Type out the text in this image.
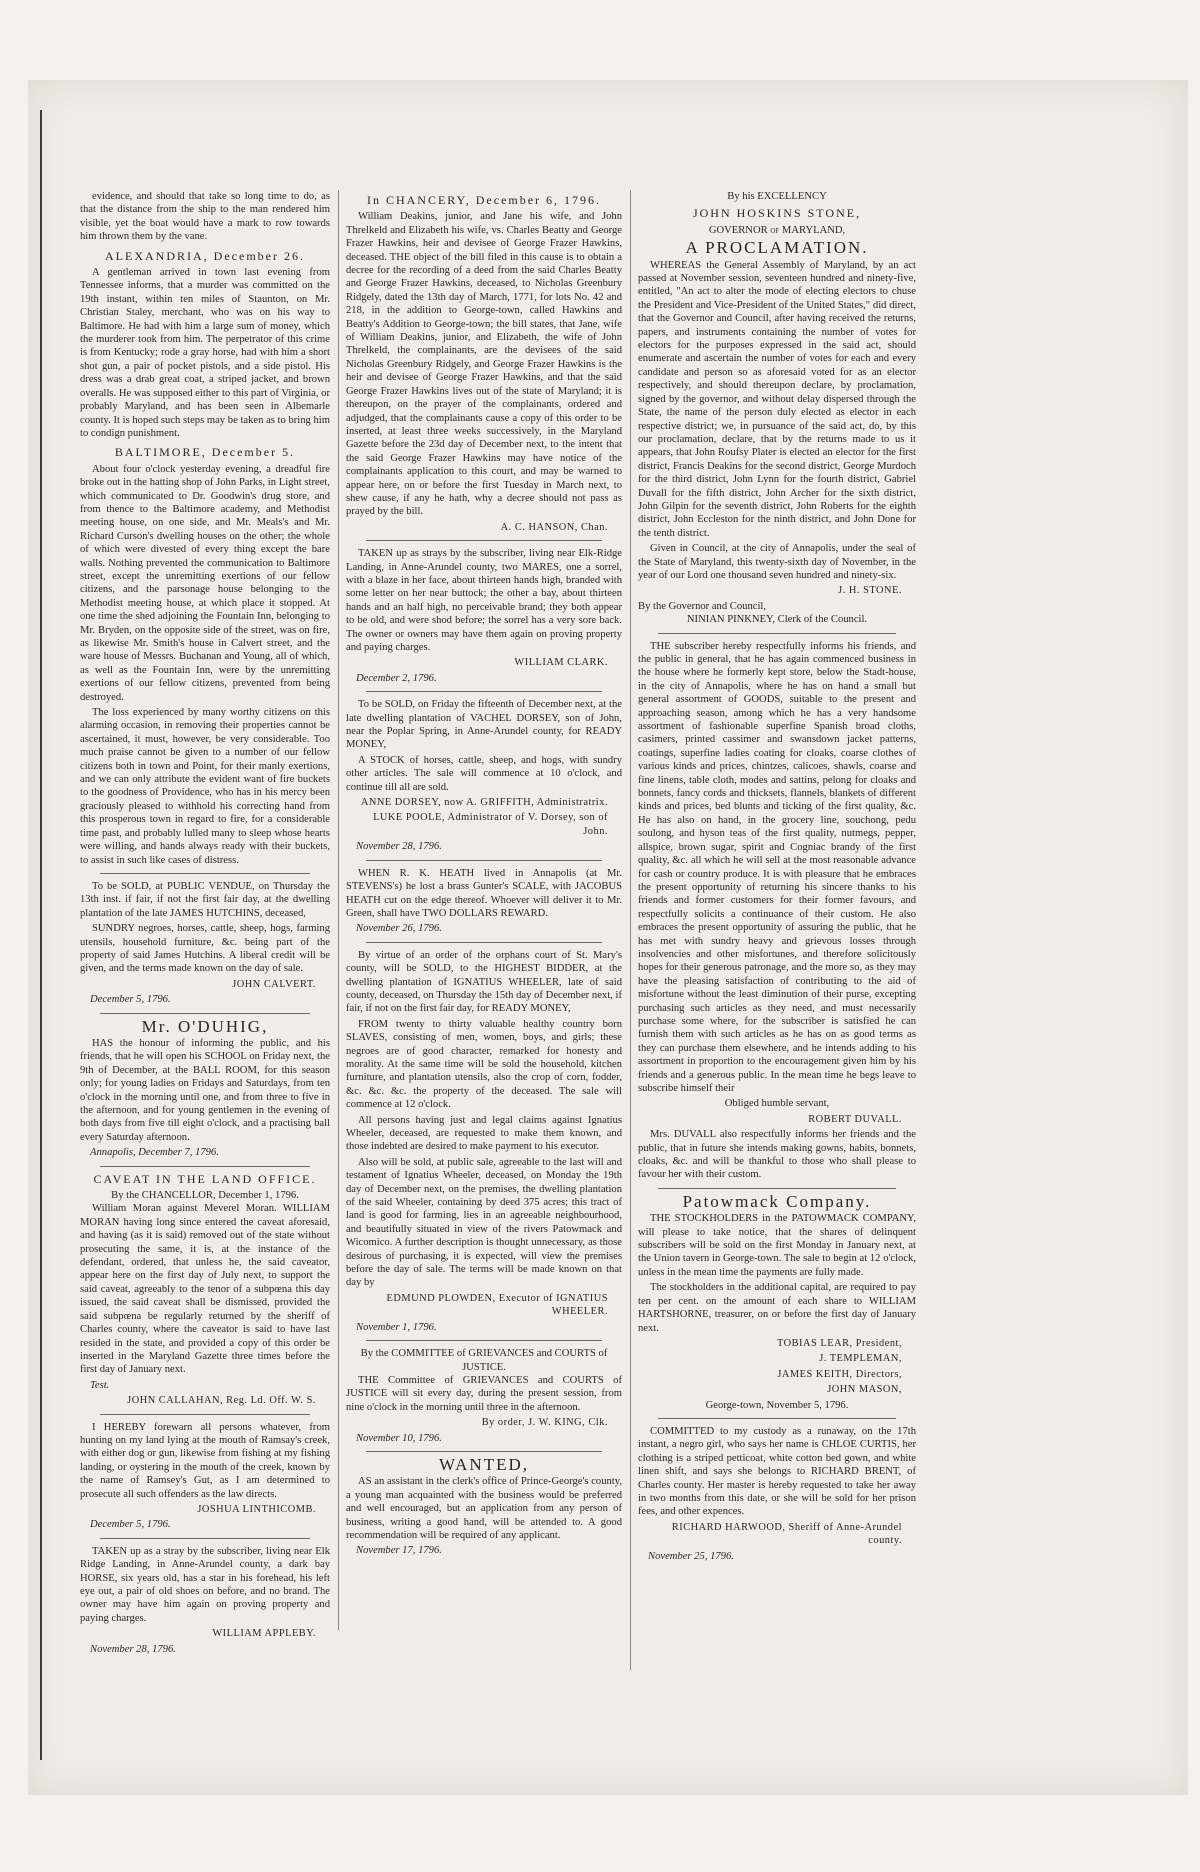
evidence, and should that take so long time to do, as that the distance from the ship to the man rendered him visible, yet the boat would have a mark to row towards him thrown them by the vane.

ALEXANDRIA, December 26.

A gentleman arrived in town last evening from Tennessee informs, that a murder was committed on the 19th instant, within ten miles of Staunton, on Mr. Christian Staley, merchant, who was on his way to Baltimore. He had with him a large sum of money, which the murderer took from him. The perpetrator of this crime is from Kentucky; rode a gray horse, had with him a short shot gun, a pair of pocket pistols, and a side pistol. His dress was a drab great coat, a striped jacket, and brown overalls. He was supposed either to this part of Virginia, or probably Maryland, and has been seen in Albemarle county. It is hoped such steps may be taken as to bring him to condign punishment.

BALTIMORE, December 5.

About four o'clock yesterday evening, a dreadful fire broke out in the hatting shop of John Parks, in Light street, which communicated to Dr. Goodwin's drug store, and from thence to the Baltimore academy, and Methodist meeting house, on one side, and Mr. Meals's and Mr. Richard Curson's dwelling houses on the other; the whole of which were divested of every thing except the bare walls. Nothing prevented the communication to Baltimore street, except the unremitting exertions of our fellow citizens, and the parsonage house belonging to the Methodist meeting house, at which place it stopped. At one time the shed adjoining the Fountain Inn, belonging to Mr. Bryden, on the opposite side of the street, was on fire, as likewise Mr. Smith's house in Calvert street, and the ware house of Messrs. Buchanan and Young, all of which, as well as the Fountain Inn, were by the unremitting exertions of our fellow citizens, prevented from being destroyed.

The loss experienced by many worthy citizens on this alarming occasion, in removing their properties cannot be ascertained, it must, however, be very considerable. Too much praise cannot be given to a number of our fellow citizens both in town and Point, for their manly exertions, and we can only attribute the evident want of fire buckets to the goodness of Providence, who has in his mercy been graciously pleased to withhold his correcting hand from this prosperous town in regard to fire, for a considerable time past, and probably lulled many to sleep whose hearts were willing, and hands always ready with their buckets, to assist in such like cases of distress.

To be SOLD, at PUBLIC VENDUE, on Thursday the 13th inst. if fair, if not the first fair day, at the dwelling plantation of the late JAMES HUTCHINS, deceased,

SUNDRY negroes, horses, cattle, sheep, hogs, farming utensils, household furniture, &c. being part of the property of said James Hutchins. A liberal credit will be given, and the terms made known on the day of sale.

JOHN CALVERT.
December 5, 1796.
Mr. O'DUHIG,

HAS the honour of informing the public, and his friends, that he will open his SCHOOL on Friday next, the 9th of December, at the BALL ROOM, for this season only; for young ladies on Fridays and Saturdays, from ten o'clock in the morning until one, and from three to five in the afternoon, and for young gentlemen in the evening of both days from five till eight o'clock, and a practising ball every Saturday afternoon.

Annapolis, December 7, 1796.
CAVEAT IN THE LAND OFFICE.
By the CHANCELLOR, December 1, 1796.

William Moran against Meverel Moran. WILLIAM MORAN having long since entered the caveat aforesaid, and having (as it is said) removed out of the state without prosecuting the same, it is, at the instance of the defendant, ordered, that unless he, the said caveator, appear here on the first day of July next, to support the said caveat, agreeably to the tenor of a subpœna this day issued, the said caveat shall be dismissed, provided the said subpœna be regularly returned by the sheriff of Charles county, where the caveator is said to have last resided in the state, and provided a copy of this order be inserted in the Maryland Gazette three times before the first day of January next.

Test.
JOHN CALLAHAN, Reg. Ld. Off. W. S.

I HEREBY forewarn all persons whatever, from hunting on my land lying at the mouth of Ramsay's creek, with either dog or gun, likewise from fishing at my fishing landing, or oystering in the mouth of the creek, known by the name of Ramsey's Gut, as I am determined to prosecute all such offenders as the law directs.

JOSHUA LINTHICOMB.
December 5, 1796.

TAKEN up as a stray by the subscriber, living near Elk Ridge Landing, in Anne-Arundel county, a dark bay HORSE, six years old, has a star in his forehead, his left eye out, a pair of old shoes on before, and no brand. The owner may have him again on proving property and paying charges.

WILLIAM APPLEBY.
November 28, 1796.
In CHANCERY, December 6, 1796.

William Deakins, junior, and Jane his wife, and John Threlkeld and Elizabeth his wife, vs. Charles Beatty and George Frazer Hawkins, heir and devisee of George Frazer Hawkins, deceased. THE object of the bill filed in this cause is to obtain a decree for the recording of a deed from the said Charles Beatty and George Frazer Hawkins, deceased, to Nicholas Greenbury Ridgely, dated the 13th day of March, 1771, for lots No. 42 and 218, in the addition to George-town, called Hawkins and Beatty's Addition to George-town; the bill states, that Jane, wife of William Deakins, junior, and Elizabeth, the wife of John Threlkeld, the complainants, are the devisees of the said Nicholas Greenbury Ridgely, and George Frazer Hawkins is the heir and devisee of George Frazer Hawkins, and that the said George Frazer Hawkins lives out of the state of Maryland; it is thereupon, on the prayer of the complainants, ordered and adjudged, that the complainants cause a copy of this order to be inserted, at least three weeks successively, in the Maryland Gazette before the 23d day of December next, to the intent that the said George Frazer Hawkins may have notice of the complainants application to this court, and may be warned to appear here, on or before the first Tuesday in March next, to shew cause, if any he hath, why a decree should not pass as prayed by the bill.

A. C. HANSON, Chan.

TAKEN up as strays by the subscriber, living near Elk-Ridge Landing, in Anne-Arundel county, two MARES, one a sorrel, with a blaze in her face, about thirteen hands high, branded with some letter on her near buttock; the other a bay, about thirteen hands and an half high, no perceivable brand; they both appear to be old, and were shod before; the sorrel has a very sore back. The owner or owners may have them again on proving property and paying charges.

WILLIAM CLARK.
December 2, 1796.

To be SOLD, on Friday the fifteenth of December next, at the late dwelling plantation of VACHEL DORSEY, son of John, near the Poplar Spring, in Anne-Arundel county, for READY MONEY,

A STOCK of horses, cattle, sheep, and hogs, with sundry other articles. The sale will commence at 10 o'clock, and continue till all are sold.

ANNE DORSEY, now A. GRIFFITH, Administratrix.
LUKE POOLE, Administrator of V. Dorsey, son of John.
November 28, 1796.

WHEN R. K. HEATH lived in Annapolis (at Mr. STEVENS's) he lost a brass Gunter's SCALE, with JACOBUS HEATH cut on the edge thereof. Whoever will deliver it to Mr. Green, shall have TWO DOLLARS REWARD.

November 26, 1796.

By virtue of an order of the orphans court of St. Mary's county, will be SOLD, to the HIGHEST BIDDER, at the dwelling plantation of IGNATIUS WHEELER, late of said county, deceased, on Thursday the 15th day of December next, if fair, if not on the first fair day, for READY MONEY,

FROM twenty to thirty valuable healthy country born SLAVES, consisting of men, women, boys, and girls; these negroes are of good character, remarked for honesty and morality. At the same time will be sold the household, kitchen furniture, and plantation utensils, also the crop of corn, fodder, &c. &c. &c. the property of the deceased. The sale will commence at 12 o'clock.

All persons having just and legal claims against Ignatius Wheeler, deceased, are requested to make them known, and those indebted are desired to make payment to his executor.

Also will be sold, at public sale, agreeable to the last will and testament of Ignatius Wheeler, deceased, on Monday the 19th day of December next, on the premises, the dwelling plantation of the said Wheeler, containing by deed 375 acres; this tract of land is good for farming, lies in an agreeable neighbourhood, and beautifully situated in view of the rivers Patowmack and Wicomico. A further description is thought unnecessary, as those desirous of purchasing, it is expected, will view the premises before the day of sale. The terms will be made known on that day by

EDMUND PLOWDEN, Executor of IGNATIUS WHEELER.
November 1, 1796.
By the COMMITTEE of GRIEVANCES and COURTS of JUSTICE.

THE Committee of GRIEVANCES and COURTS of JUSTICE will sit every day, during the present session, from nine o'clock in the morning until three in the afternoon.

By order, J. W. KING, Clk.
November 10, 1796.
WANTED,

AS an assistant in the clerk's office of Prince-George's county, a young man acquainted with the business would be preferred and well encouraged, but an application from any person of business, writing a good hand, will be attended to. A good recommendation will be required of any applicant.

November 17, 1796.
By his EXCELLENCY
JOHN HOSKINS STONE,
GOVERNOR of MARYLAND,
A PROCLAMATION.

WHEREAS the General Assembly of Maryland, by an act passed at November session, seventeen hundred and ninety-five, entitled, "An act to alter the mode of electing electors to chuse the President and Vice-President of the United States," did direct, that the Governor and Council, after having received the returns, papers, and instruments containing the number of votes for electors for the purposes expressed in the said act, should enumerate and ascertain the number of votes for each and every candidate and person so as aforesaid voted for as an elector respectively, and should thereupon declare, by proclamation, signed by the governor, and without delay dispersed through the State, the name of the person duly elected as elector in each respective district; we, in pursuance of the said act, do, by this our proclamation, declare, that by the returns made to us it appears, that John Roufsy Plater is elected an elector for the first district, Francis Deakins for the second district, George Murdoch for the third district, John Lynn for the fourth district, Gabriel Duvall for the fifth district, John Archer for the sixth district, John Gilpin for the seventh district, John Roberts for the eighth district, John Eccleston for the ninth district, and John Done for the tenth district.

Given in Council, at the city of Annapolis, under the seal of the State of Maryland, this twenty-sixth day of November, in the year of our Lord one thousand seven hundred and ninety-six.

J. H. STONE.
By the Governor and Council,
NINIAN PINKNEY, Clerk of the Council.

THE subscriber hereby respectfully informs his friends, and the public in general, that he has again commenced business in the house where he formerly kept store, below the Stadt-house, in the city of Annapolis, where he has on hand a small but general assortment of GOODS, suitable to the present and approaching season, among which he has a very handsome assortment of fashionable superfine Spanish broad cloths, casimers, printed cassimer and swansdown jacket patterns, coatings, superfine ladies coating for cloaks, coarse clothes of various kinds and prices, chintzes, calicoes, shawls, coarse and fine linens, table cloth, modes and sattins, pelong for cloaks and bonnets, fancy cords and thicksets, flannels, blankets of different kinds and prices, bed blunts and ticking of the first quality, &c. He has also on hand, in the grocery line, souchong, pedu soulong, and hyson teas of the first quality, nutmegs, pepper, allspice, brown sugar, spirit and Cogniac brandy of the first quality, &c. all which he will sell at the most reasonable advance for cash or country produce. It is with pleasure that he embraces the present opportunity of returning his sincere thanks to his friends and former customers for their former favours, and respectfully solicits a continuance of their custom. He also embraces the present opportunity of assuring the public, that he has met with sundry heavy and grievous losses through insolvencies and other misfortunes, and therefore solicitously hopes for their generous patronage, and the more so, as they may have the pleasing satisfaction of contributing to the aid of misfortune without the least diminution of their purse, excepting purchasing such articles as they need, and must necessarily purchase some where, for the subscriber is satisfied he can furnish them with such articles as he has on as good terms as they can purchase them elsewhere, and he intends adding to his assortment in proportion to the encouragement given him by his friends and a generous public. In the mean time he begs leave to subscribe himself their

Obliged humble servant,
ROBERT DUVALL.

Mrs. DUVALL also respectfully informs her friends and the public, that in future she intends making gowns, habits, bonnets, cloaks, &c. and will be thankful to those who shall please to favour her with their custom.

Patowmack Company.

THE STOCKHOLDERS in the PATOWMACK COMPANY, will please to take notice, that the shares of delinquent subscribers will be sold on the first Monday in January next, at the Union tavern in George-town. The sale to begin at 12 o'clock, unless in the mean time the payments are fully made.

The stockholders in the additional capital, are required to pay ten per cent. on the amount of each share to WILLIAM HARTSHORNE, treasurer, on or before the first day of January next.

TOBIAS LEAR, President,
J. TEMPLEMAN,
JAMES KEITH, Directors,
JOHN MASON,
George-town, November 5, 1796.

COMMITTED to my custody as a runaway, on the 17th instant, a negro girl, who says her name is CHLOE CURTIS, her clothing is a striped petticoat, white cotton bed gown, and white linen shift, and says she belongs to RICHARD BRENT, of Charles county. Her master is hereby requested to take her away in two months from this date, or she will be sold for her prison fees, and other expences.

RICHARD HARWOOD, Sheriff of Anne-Arundel county.
November 25, 1796.
